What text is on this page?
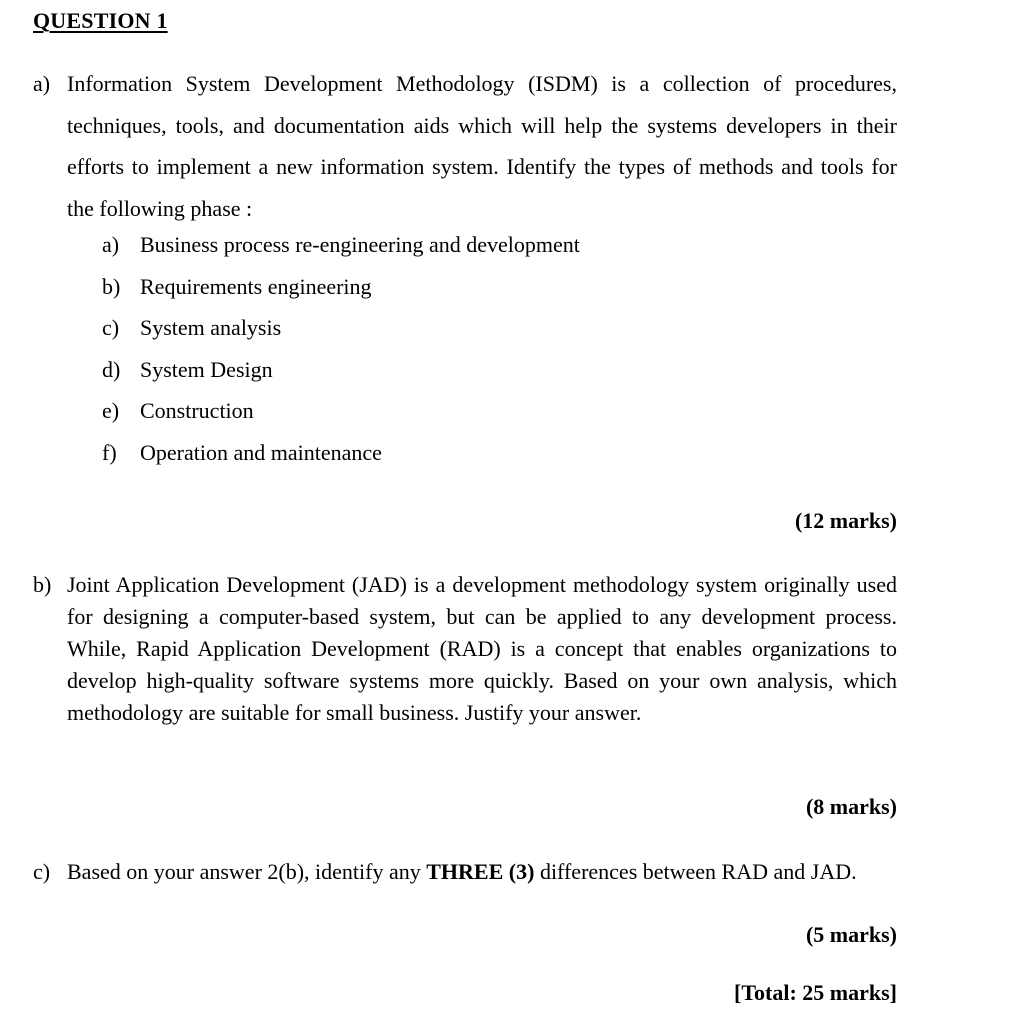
QUESTION 1
a) Information System Development Methodology (ISDM) is a collection of procedures, techniques, tools, and documentation aids which will help the systems developers in their efforts to implement a new information system. Identify the types of methods and tools for the following phase :
a) Business process re-engineering and development
b) Requirements engineering
c) System analysis
d) System Design
e) Construction
f)	Operation and maintenance
(12 marks)
b) Joint Application Development (JAD) is a development methodology system originally used for designing a computer-based system, but can be applied to any development process. While, Rapid Application Development (RAD) is a concept that enables organizations to develop high-quality software systems more quickly. Based on your own analysis, which methodology are suitable for small business. Justify your answer.
(8 marks)
c) Based on your answer 2(b), identify any THREE (3) differences between RAD and JAD.
(5 marks)
[Total: 25 marks]
